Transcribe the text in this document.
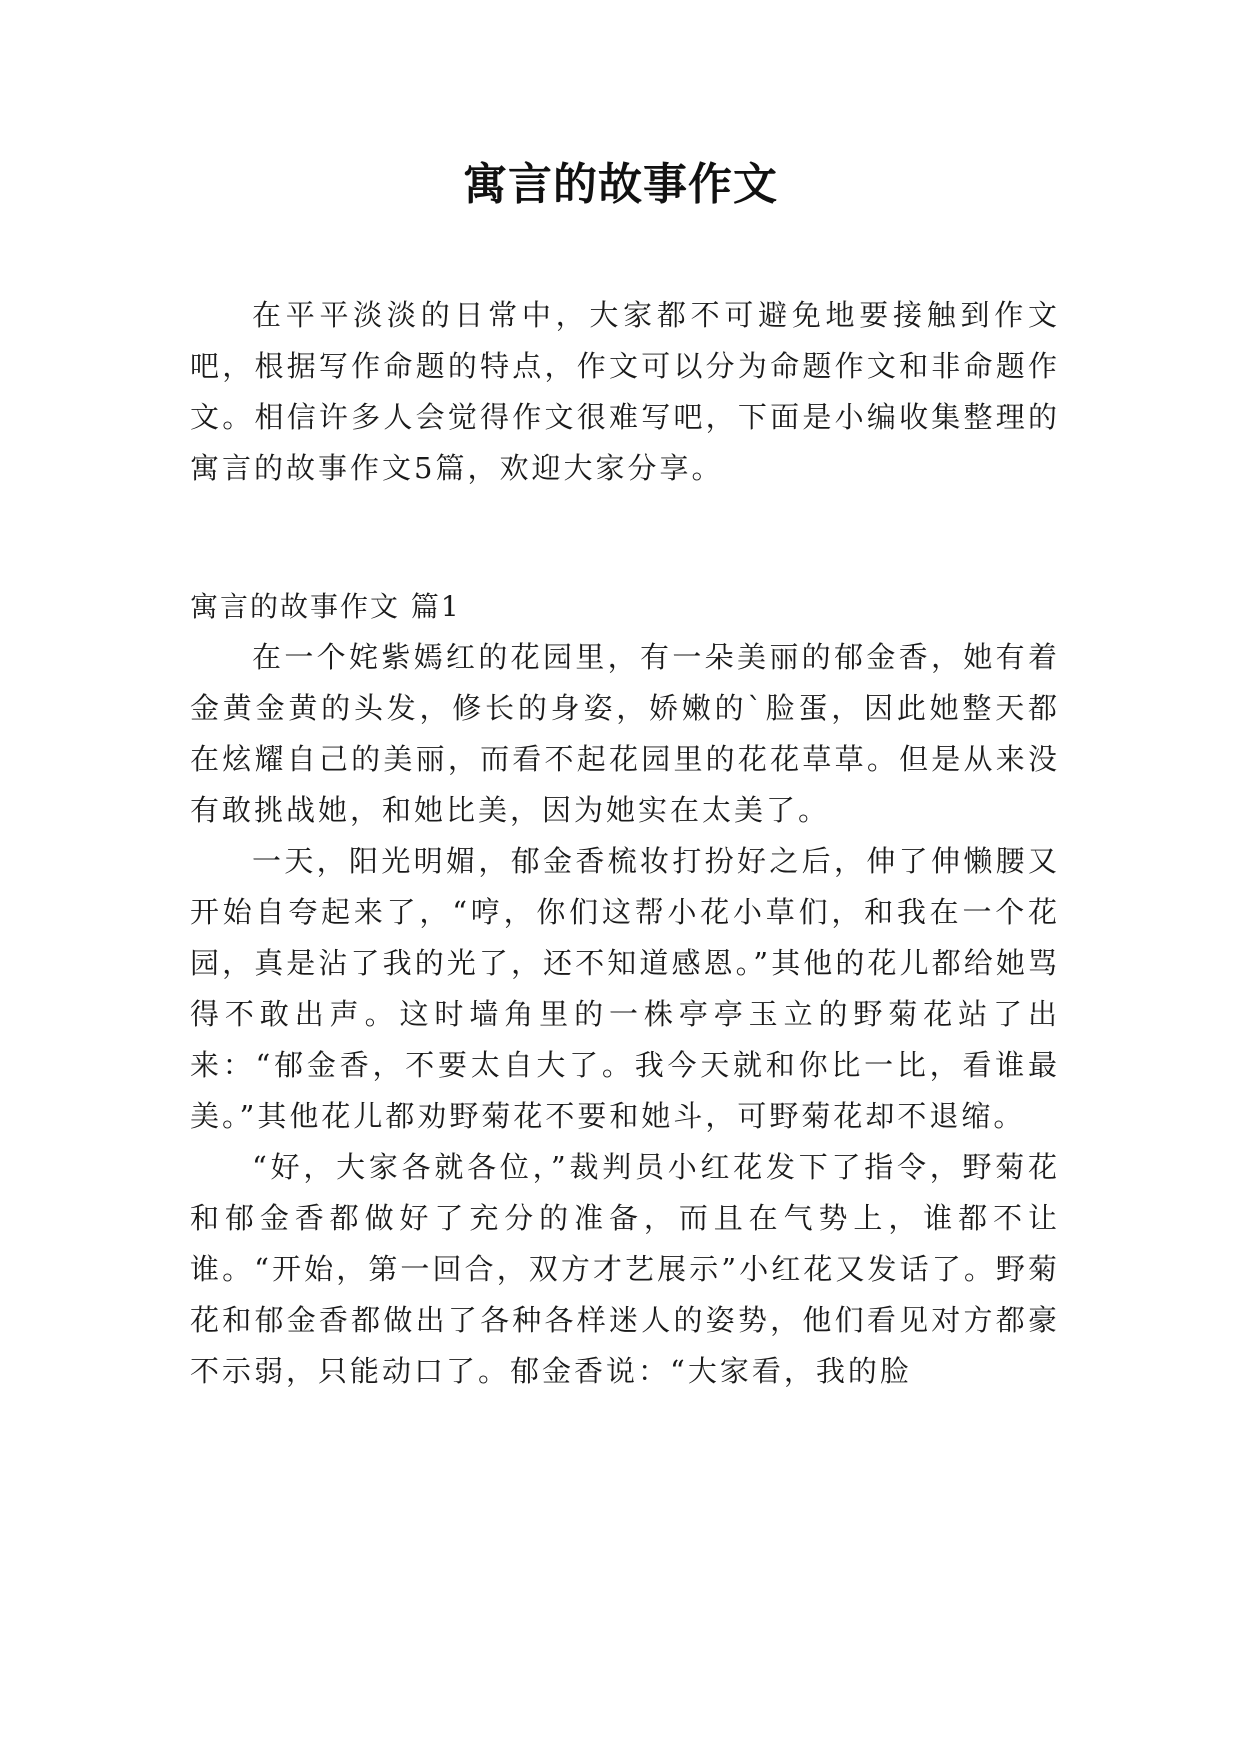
寓言的故事作文

在平平淡淡的日常中，大家都不可避免地要接触到作文吧，根据写作命题的特点，作文可以分为命题作文和非命题作文。相信许多人会觉得作文很难写吧，下面是小编收集整理的寓言的故事作文5篇，欢迎大家分享。

寓言的故事作文 篇1

在一个姹紫嫣红的花园里，有一朵美丽的郁金香，她有着金黄金黄的头发，修长的身姿，娇嫩的`脸蛋，因此她整天都在炫耀自己的美丽，而看不起花园里的花花草草。但是从来没有敢挑战她，和她比美，因为她实在太美了。

一天，阳光明媚，郁金香梳妆打扮好之后，伸了伸懒腰又开始自夸起来了，“哼，你们这帮小花小草们，和我在一个花园，真是沾了我的光了，还不知道感恩。”其他的花儿都给她骂得不敢出声。这时墙角里的一株亭亭玉立的野菊花站了出来：“郁金香，不要太自大了。我今天就和你比一比，看谁最美。”其他花儿都劝野菊花不要和她斗，可野菊花却不退缩。

“好，大家各就各位，”裁判员小红花发下了指令，野菊花和郁金香都做好了充分的准备，而且在气势上，谁都不让谁。“开始，第一回合，双方才艺展示”小红花又发话了。野菊花和郁金香都做出了各种各样迷人的姿势，他们看见对方都豪不示弱，只能动口了。郁金香说：“大家看，我的脸
